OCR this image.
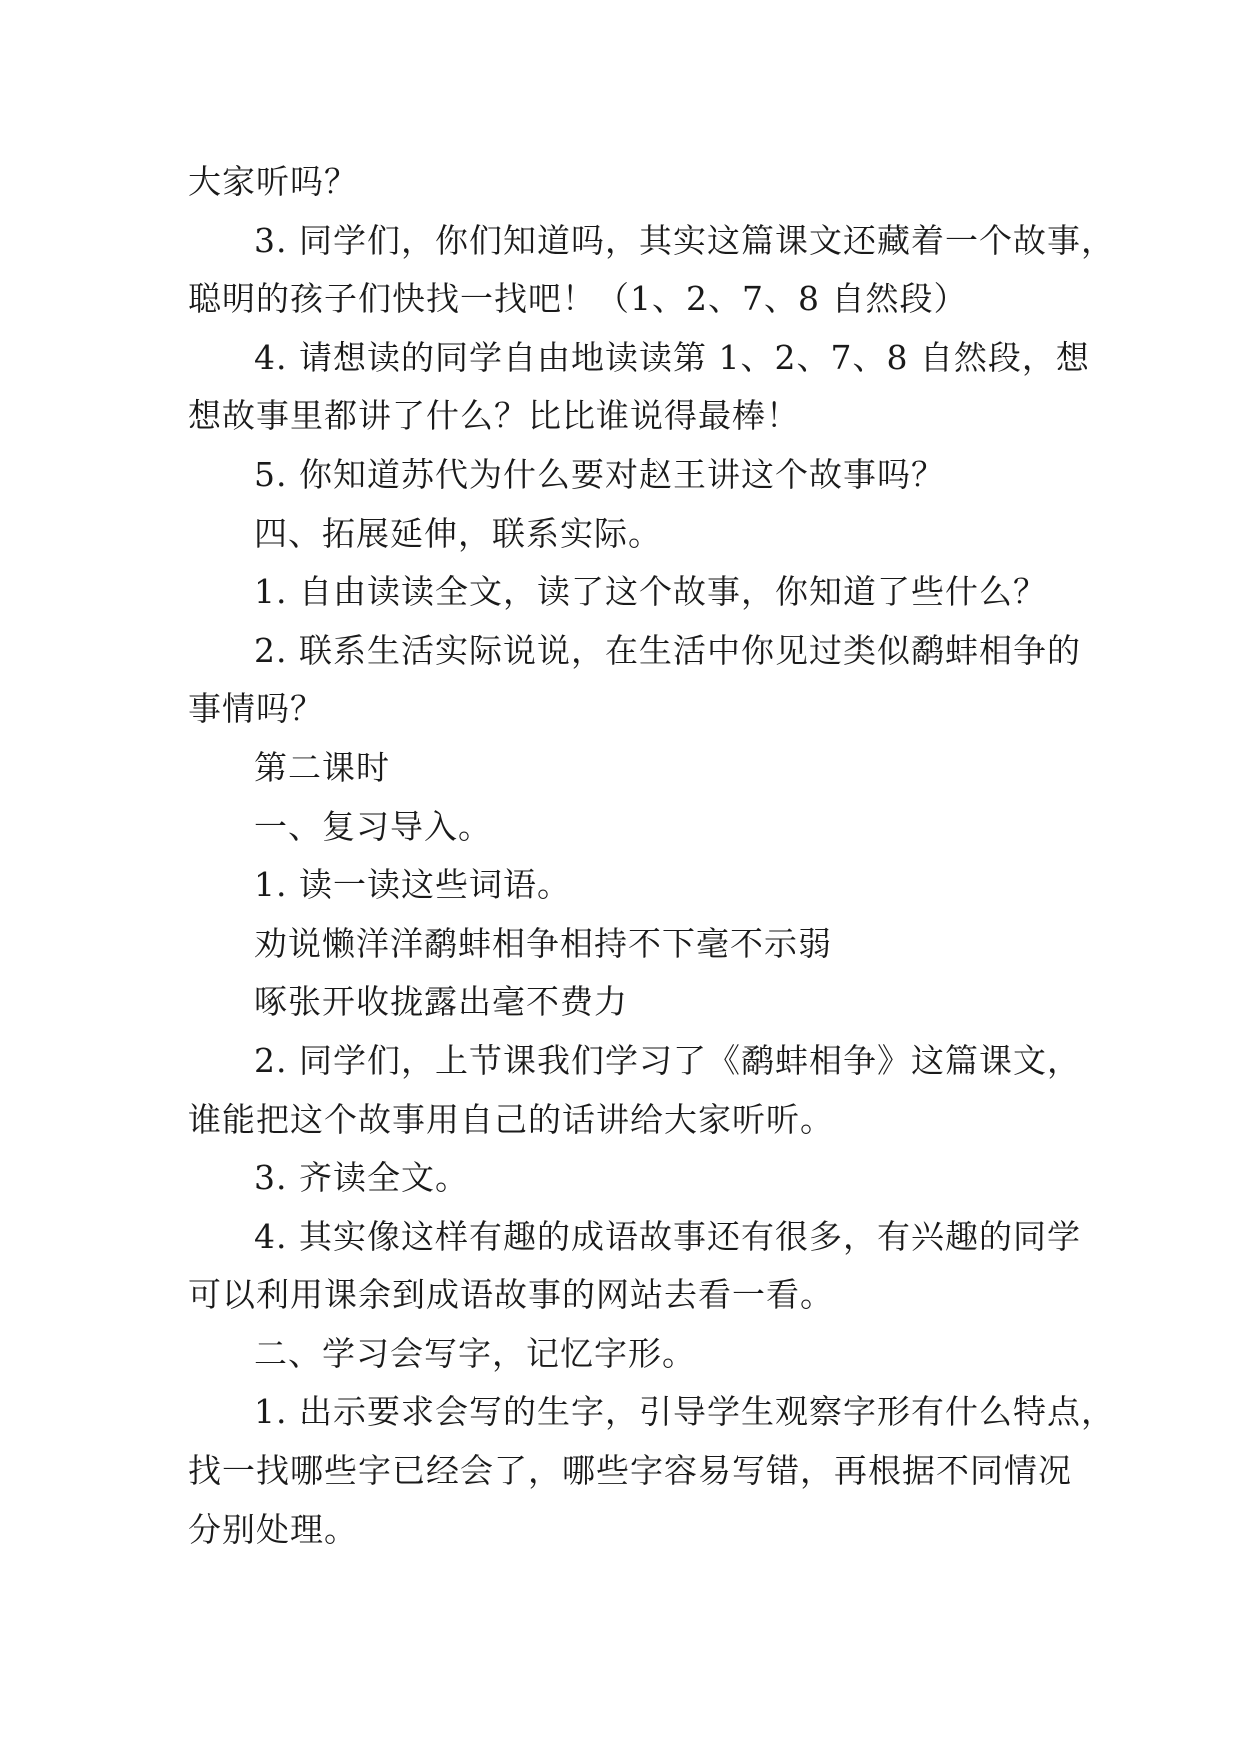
大家听吗？
3. 同学们，你们知道吗，其实这篇课文还藏着一个故事，
聪明的孩子们快找一找吧！（1、2、7、8 自然段）
4. 请想读的同学自由地读读第 1、2、7、8 自然段，想
想故事里都讲了什么？比比谁说得最棒！
5. 你知道苏代为什么要对赵王讲这个故事吗？
四、拓展延伸，联系实际。
1. 自由读读全文，读了这个故事，你知道了些什么？
2. 联系生活实际说说，在生活中你见过类似鹬蚌相争的
事情吗？
第二课时
一、复习导入。
1. 读一读这些词语。
劝说懒洋洋鹬蚌相争相持不下毫不示弱
啄张开收拢露出毫不费力
2. 同学们，上节课我们学习了《鹬蚌相争》这篇课文，
谁能把这个故事用自己的话讲给大家听听。
3. 齐读全文。
4. 其实像这样有趣的成语故事还有很多，有兴趣的同学
可以利用课余到成语故事的网站去看一看。
二、学习会写字，记忆字形。
1. 出示要求会写的生字，引导学生观察字形有什么特点，
找一找哪些字已经会了，哪些字容易写错，再根据不同情况
分别处理。
